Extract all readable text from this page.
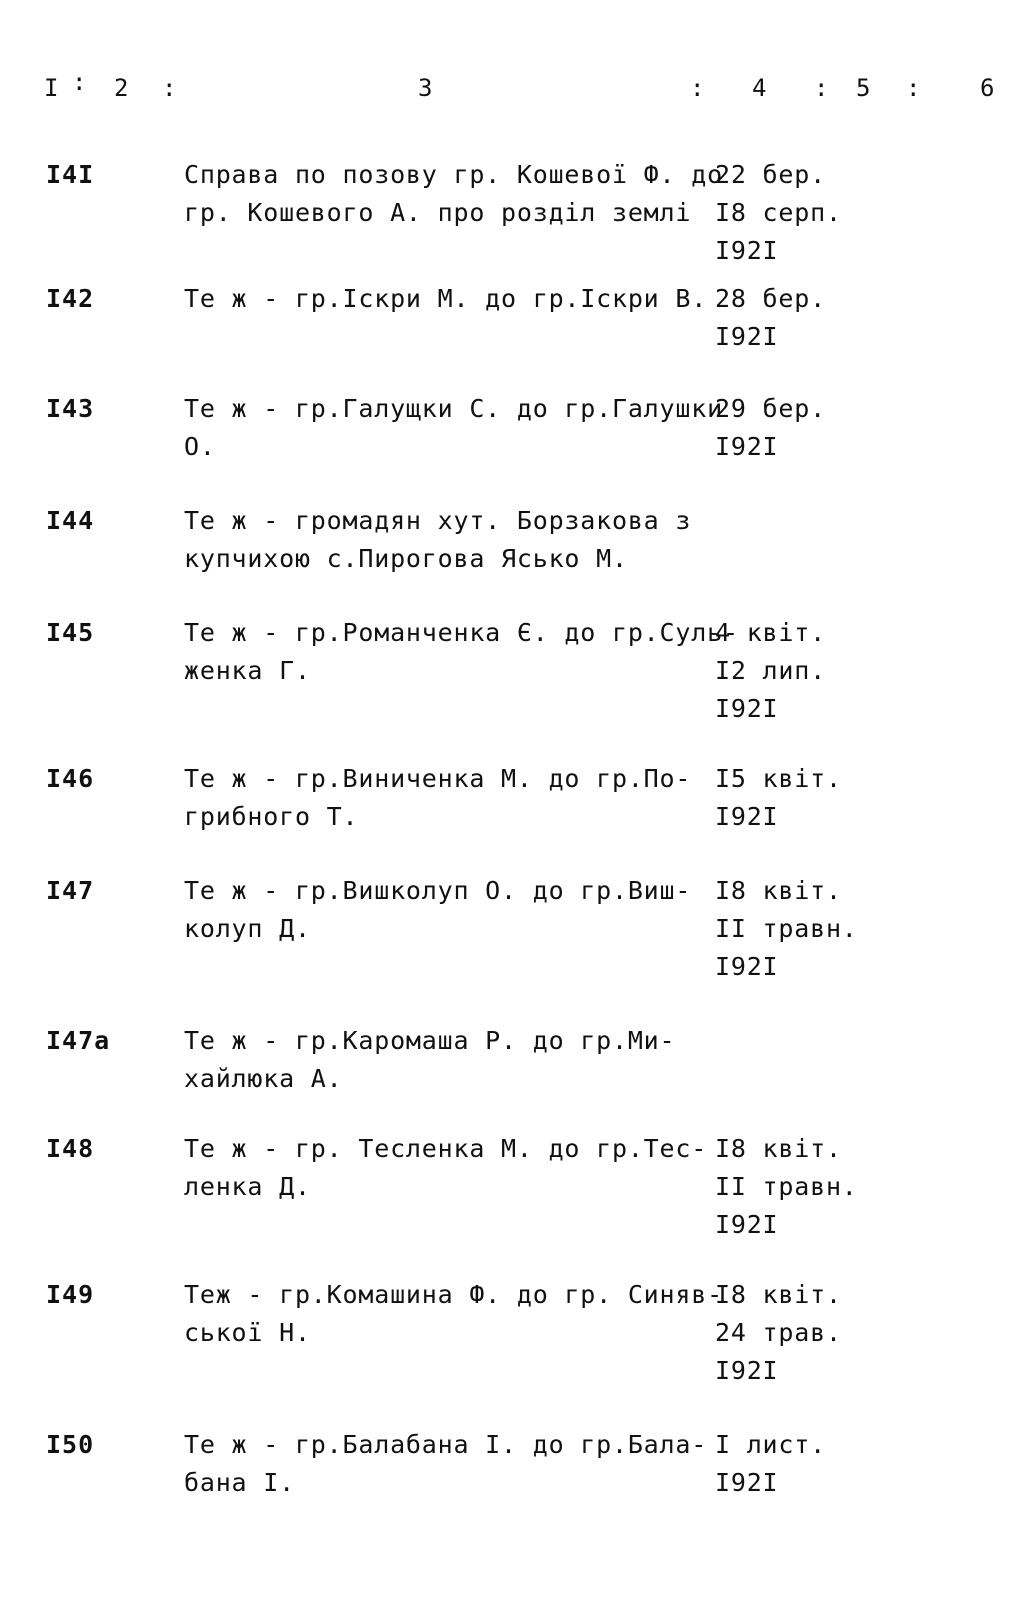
I : 2 :	3	: 4 : 5 : 6
I4I	Справа по позову гр. Кошевої Ф. до
гр. Кошевого А. про розділ землі
22 бер.
I8 серп.
I92I
I42	Те ж - гр.Іскри М. до гр.Іскри В. 28 бер.
I92I
I43	Те ж - гр.Галущки С. до гр.Галушки
О.
29 бер.
I92I
I44	Те ж - громадян хут. Борзакова з
купчихою с.Пирогова Ясько М.
I45	Те ж - гр.Романченка Є. до гр.Суль-
женка Г.
4 квіт.
I2 лип.
I92I
I46	Те ж - гр.Виниченка М. до гр.По-
грибного Т.
I5 квіт.
I92I
I47	Те ж - гр.Вишколуп О. до гр.Виш-
колуп Д.
I8 квіт.
II травн.
I92I
I47а	Те ж - гр.Каромаша Р. до гр.Ми-
хайлюка А.
I48	Те ж - гр. Тесленка М. до гр.Тес-
ленка Д.
I8 квіт.
II травн.
I92I
I49	Теж - гр.Комашина Ф. до гр. Синяв-
ської Н.
I8 квіт.
24 трав.
I92I
I50	Те ж - гр.Балабана І. до гр.Бала-
бана І.
I лист.
I92I
